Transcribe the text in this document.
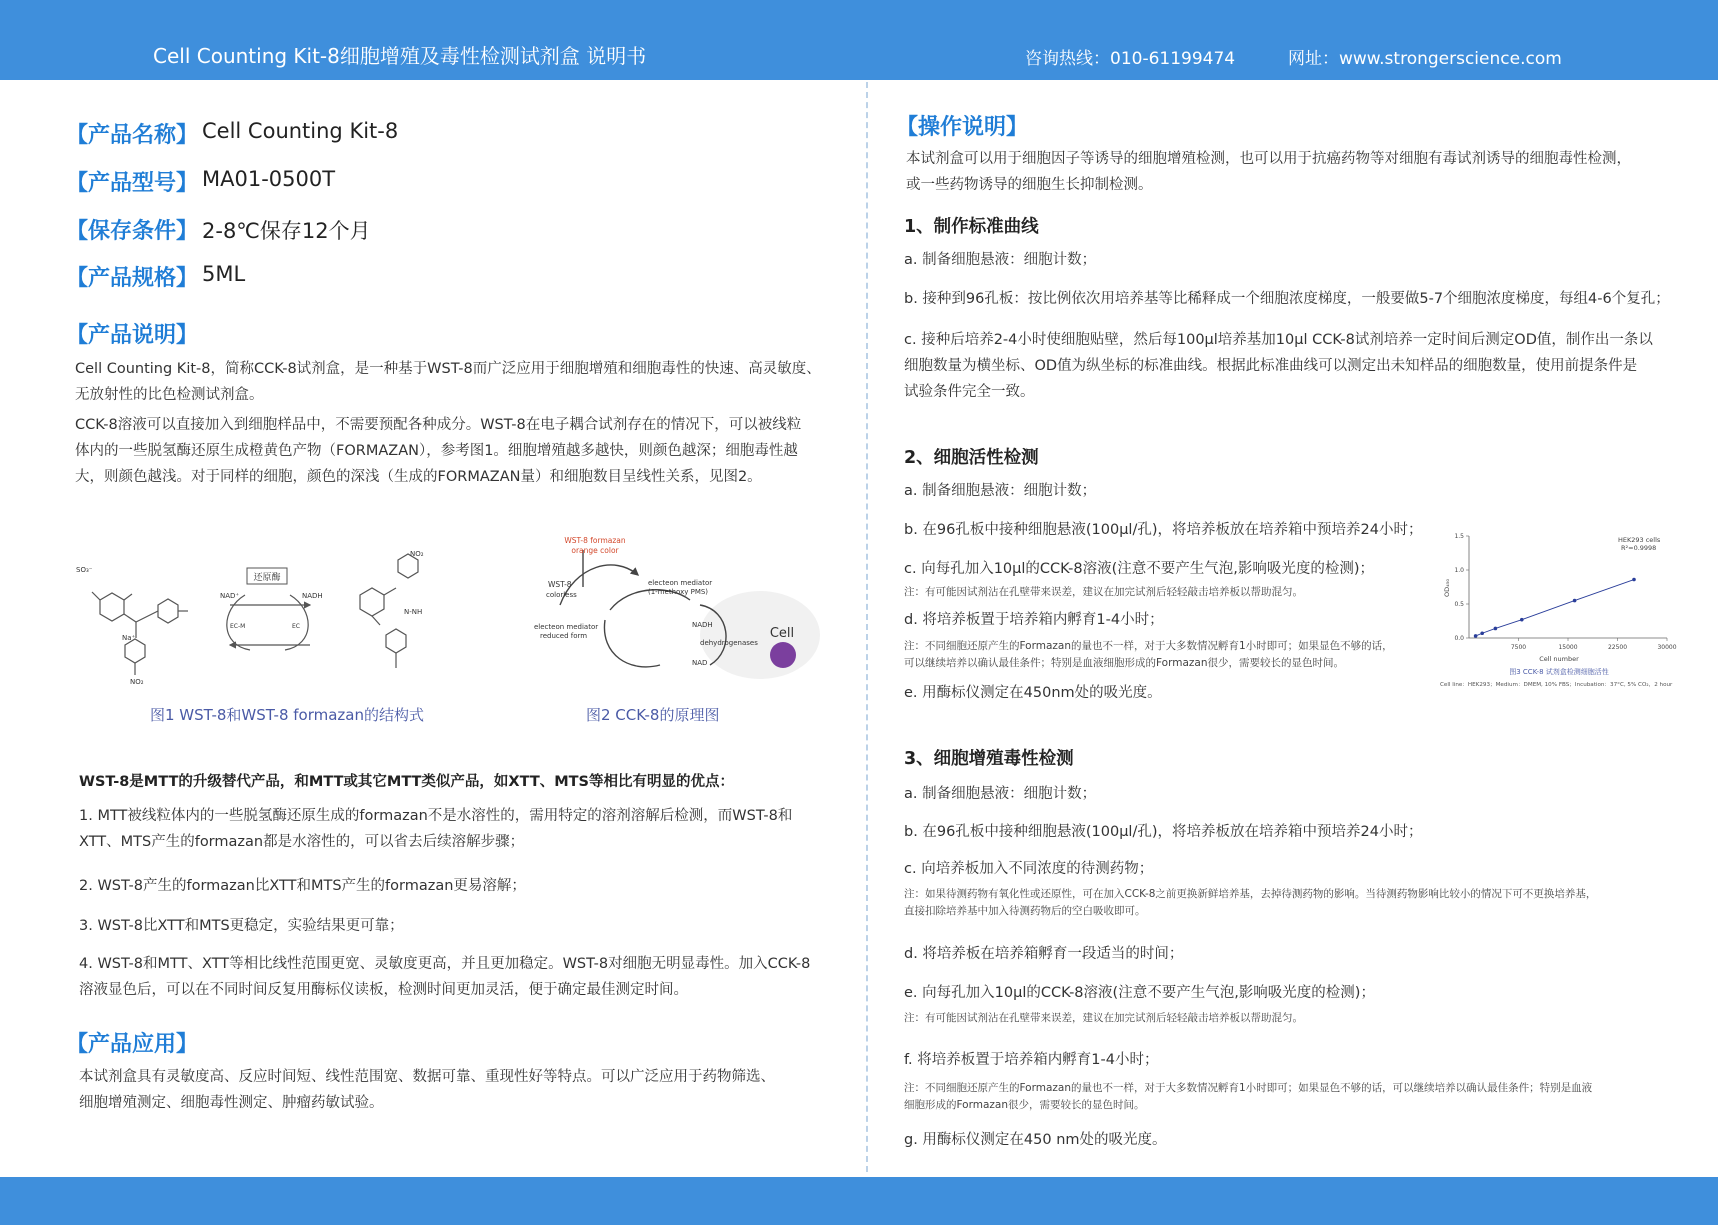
Cell Counting Kit-8细胞增殖及毒性检测试剂盒 说明书	咨询热线：010-61199474	网址：www.strongerscience.com
【产品名称】 Cell Counting Kit-8
【产品型号】 MA01-0500T
【保存条件】 2-8℃保存12个月
【产品规格】 5ML
【产品说明】
Cell Counting Kit-8，简称CCK-8试剂盒，是一种基于WST-8而广泛应用于细胞增殖和细胞毒性的快速、高灵敏度、
无放射性的比色检测试剂盒。
CCK-8溶液可以直接加入到细胞样品中，不需要预配各种成分。WST-8在电子耦合试剂存在的情况下，可以被线粒
体内的一些脱氢酶还原生成橙黄色产物（FORMAZAN），参考图1。细胞增殖越多越快，则颜色越深；细胞毒性越
大，则颜色越浅。对于同样的细胞，颜色的深浅（生成的FORMAZAN量）和细胞数目呈线性关系，见图2。
还原酶
NAD⁺	NADH
EC-M	EC
Na⁺
SO₃⁻
NO₂
NO₂
N-NH
图1 WST-8和WST-8 formazan的结构式
WST-8 formazan
orange color
WST-8
colorless
electeon mediator
(1-methoxy PMS)
electeon mediator
reduced form
NADH
dehydrogenases
NAD
Cell
图2 CCK-8的原理图
WST-8是MTT的升级替代产品，和MTT或其它MTT类似产品，如XTT、MTS等相比有明显的优点：
1. MTT被线粒体内的一些脱氢酶还原生成的formazan不是水溶性的，需用特定的溶剂溶解后检测，而WST-8和
XTT、MTS产生的formazan都是水溶性的，可以省去后续溶解步骤；
2. WST-8产生的formazan比XTT和MTS产生的formazan更易溶解；
3. WST-8比XTT和MTS更稳定，实验结果更可靠；
4. WST-8和MTT、XTT等相比线性范围更宽、灵敏度更高，并且更加稳定。WST-8对细胞无明显毒性。加入CCK-8
溶液显色后，可以在不同时间反复用酶标仪读板，检测时间更加灵活，便于确定最佳测定时间。
【产品应用】
本试剂盒具有灵敏度高、反应时间短、线性范围宽、数据可靠、重现性好等特点。可以广泛应用于药物筛选、
细胞增殖测定、细胞毒性测定、肿瘤药敏试验。
【操作说明】
本试剂盒可以用于细胞因子等诱导的细胞增殖检测，也可以用于抗癌药物等对细胞有毒试剂诱导的细胞毒性检测，
或一些药物诱导的细胞生长抑制检测。
1、制作标准曲线
a. 制备细胞悬液：细胞计数；
b. 接种到96孔板：按比例依次用培养基等比稀释成一个细胞浓度梯度，一般要做5-7个细胞浓度梯度，每组4-6个复孔；
c. 接种后培养2-4小时使细胞贴壁，然后每100μl培养基加10μl CCK-8试剂培养一定时间后测定OD值，制作出一条以
细胞数量为横坐标、OD值为纵坐标的标准曲线。根据此标准曲线可以测定出未知样品的细胞数量，使用前提条件是
试验条件完全一致。
2、细胞活性检测
a. 制备细胞悬液：细胞计数；
b. 在96孔板中接种细胞悬液(100μl/孔)，将培养板放在培养箱中预培养24小时；
c. 向每孔加入10μl的CCK-8溶液(注意不要产生气泡,影响吸光度的检测)；
注：有可能因试剂沾在孔壁带来误差，建议在加完试剂后轻轻敲击培养板以帮助混匀。
d. 将培养板置于培养箱内孵育1-4小时；
注：不同细胞还原产生的Formazan的量也不一样，对于大多数情况孵育1小时即可；如果显色不够的话，
可以继续培养以确认最佳条件；特别是血液细胞形成的Formazan很少，需要较长的显色时间。
e. 用酶标仪测定在450nm处的吸光度。
7500	15000	22500	30000
1.5
1.0
0.5
0.0
HEK293 cells
R²=0.9998
Cell number
OD₄₅₀
图3 CCK-8 试剂盒检测细胞活性
Cell line：HEK293；Medium：DMEM, 10% FBS；Incubation：37°C, 5% CO₂，2 hour
3、细胞增殖毒性检测
a. 制备细胞悬液：细胞计数；
b. 在96孔板中接种细胞悬液(100μl/孔)，将培养板放在培养箱中预培养24小时；
c. 向培养板加入不同浓度的待测药物；
注：如果待测药物有氧化性或还原性，可在加入CCK-8之前更换新鲜培养基，去掉待测药物的影响。当待测药物影响比较小的情况下可不更换培养基，
直接扣除培养基中加入待测药物后的空白吸收即可。
d. 将培养板在培养箱孵育一段适当的时间；
e. 向每孔加入10μl的CCK-8溶液(注意不要产生气泡,影响吸光度的检测)；
注：有可能因试剂沾在孔壁带来误差，建议在加完试剂后轻轻敲击培养板以帮助混匀。
f. 将培养板置于培养箱内孵育1-4小时；
注：不同细胞还原产生的Formazan的量也不一样，对于大多数情况孵育1小时即可；如果显色不够的话，可以继续培养以确认最佳条件；特别是血液
细胞形成的Formazan很少，需要较长的显色时间。
g. 用酶标仪测定在450 nm处的吸光度。
